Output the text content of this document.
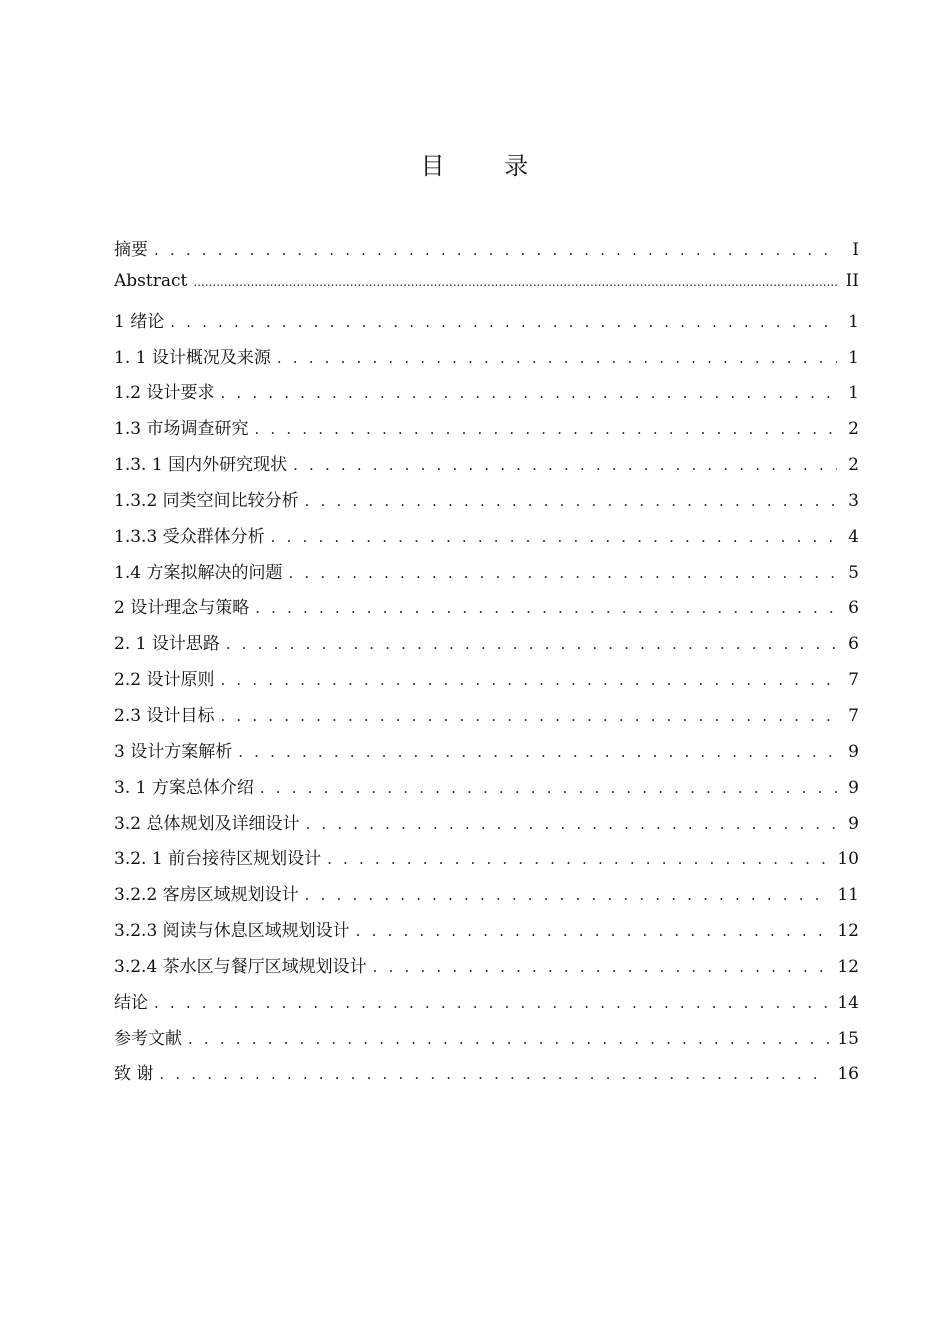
目 录
摘要 . . .	I
Abstract .....	II
1 绪论 . . .	1
1. 1 设计概况及来源 . . .	1
1.2 设计要求 . . .	1
1.3 市场调查研究 . . .	2
1.3. 1 国内外研究现状 . . .	2
1.3.2 同类空间比较分析 . . .	3
1.3.3 受众群体分析 . . .	4
1.4 方案拟解决的问题 . . .	5
2 设计理念与策略 . . .	6
2. 1 设计思路 . . .	6
2.2 设计原则 . . .	7
2.3 设计目标 . . .	7
3 设计方案解析 . . .	9
3. 1 方案总体介绍 . . .	9
3.2 总体规划及详细设计 . . .	9
3.2. 1 前台接待区规划设计 . . .	10
3.2.2 客房区域规划设计 . . .	11
3.2.3 阅读与休息区域规划设计 . . .	12
3.2.4 茶水区与餐厅区域规划设计 . . .	12
结论 . . .	14
参考文献 . . .	15
致 谢 . . .	16
